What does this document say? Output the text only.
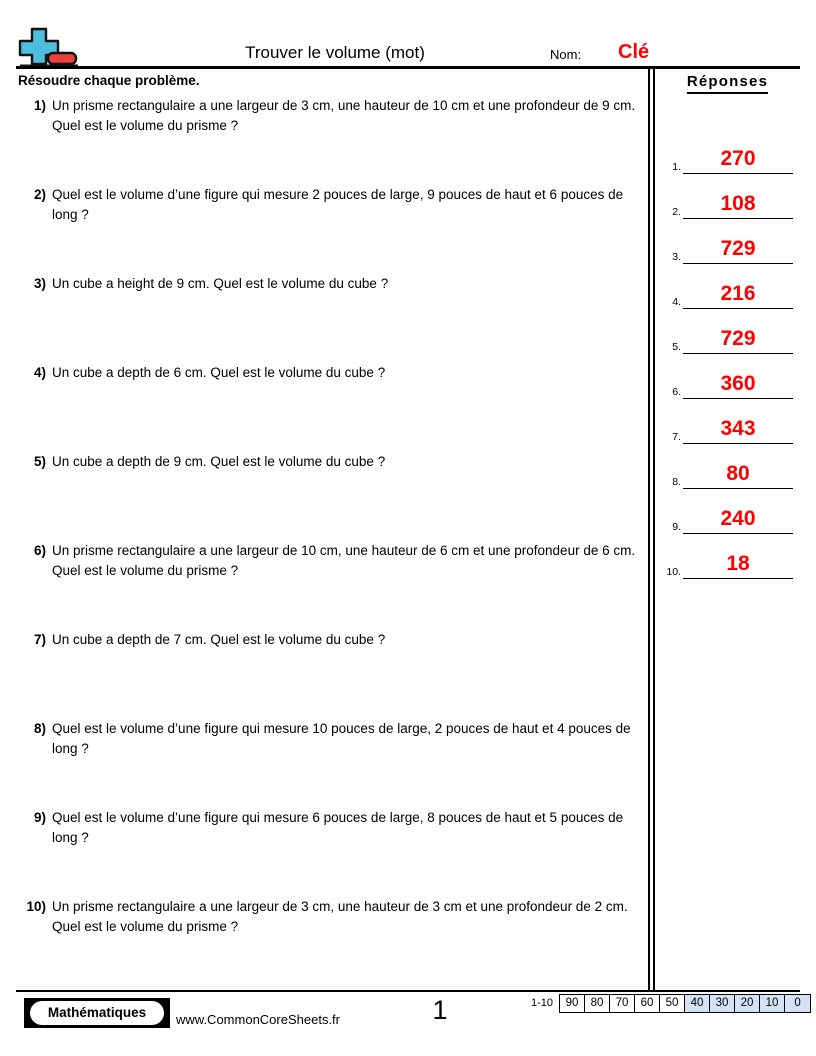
Trouver le volume (mot)	Nom: Clé
Résoudre chaque problème.
1) Un prisme rectangulaire a une largeur de 3 cm, une hauteur de 10 cm et une profondeur de 9 cm. Quel est le volume du prisme ?
2) Quel est le volume d’une figure qui mesure 2 pouces de large, 9 pouces de haut et 6 pouces de long ?
3) Un cube a height de 9 cm. Quel est le volume du cube ?
4) Un cube a depth de 6 cm. Quel est le volume du cube ?
5) Un cube a depth de 9 cm. Quel est le volume du cube ?
6) Un prisme rectangulaire a une largeur de 10 cm, une hauteur de 6 cm et une profondeur de 6 cm. Quel est le volume du prisme ?
7) Un cube a depth de 7 cm. Quel est le volume du cube ?
8) Quel est le volume d’une figure qui mesure 10 pouces de large, 2 pouces de haut et 4 pouces de long ?
9) Quel est le volume d’une figure qui mesure 6 pouces de large, 8 pouces de haut et 5 pouces de long ?
10) Un prisme rectangulaire a une largeur de 3 cm, une hauteur de 3 cm et une profondeur de 2 cm. Quel est le volume du prisme ?
Réponses
1.	270
2.	108
3.	729
4.	216
5.	729
6.	360
7.	343
8.	80
9.	240
10.	18
Mathématiques	www.CommonCoreSheets.fr	1	1-10	90	80	70	60	50	40	30	20	10	0
